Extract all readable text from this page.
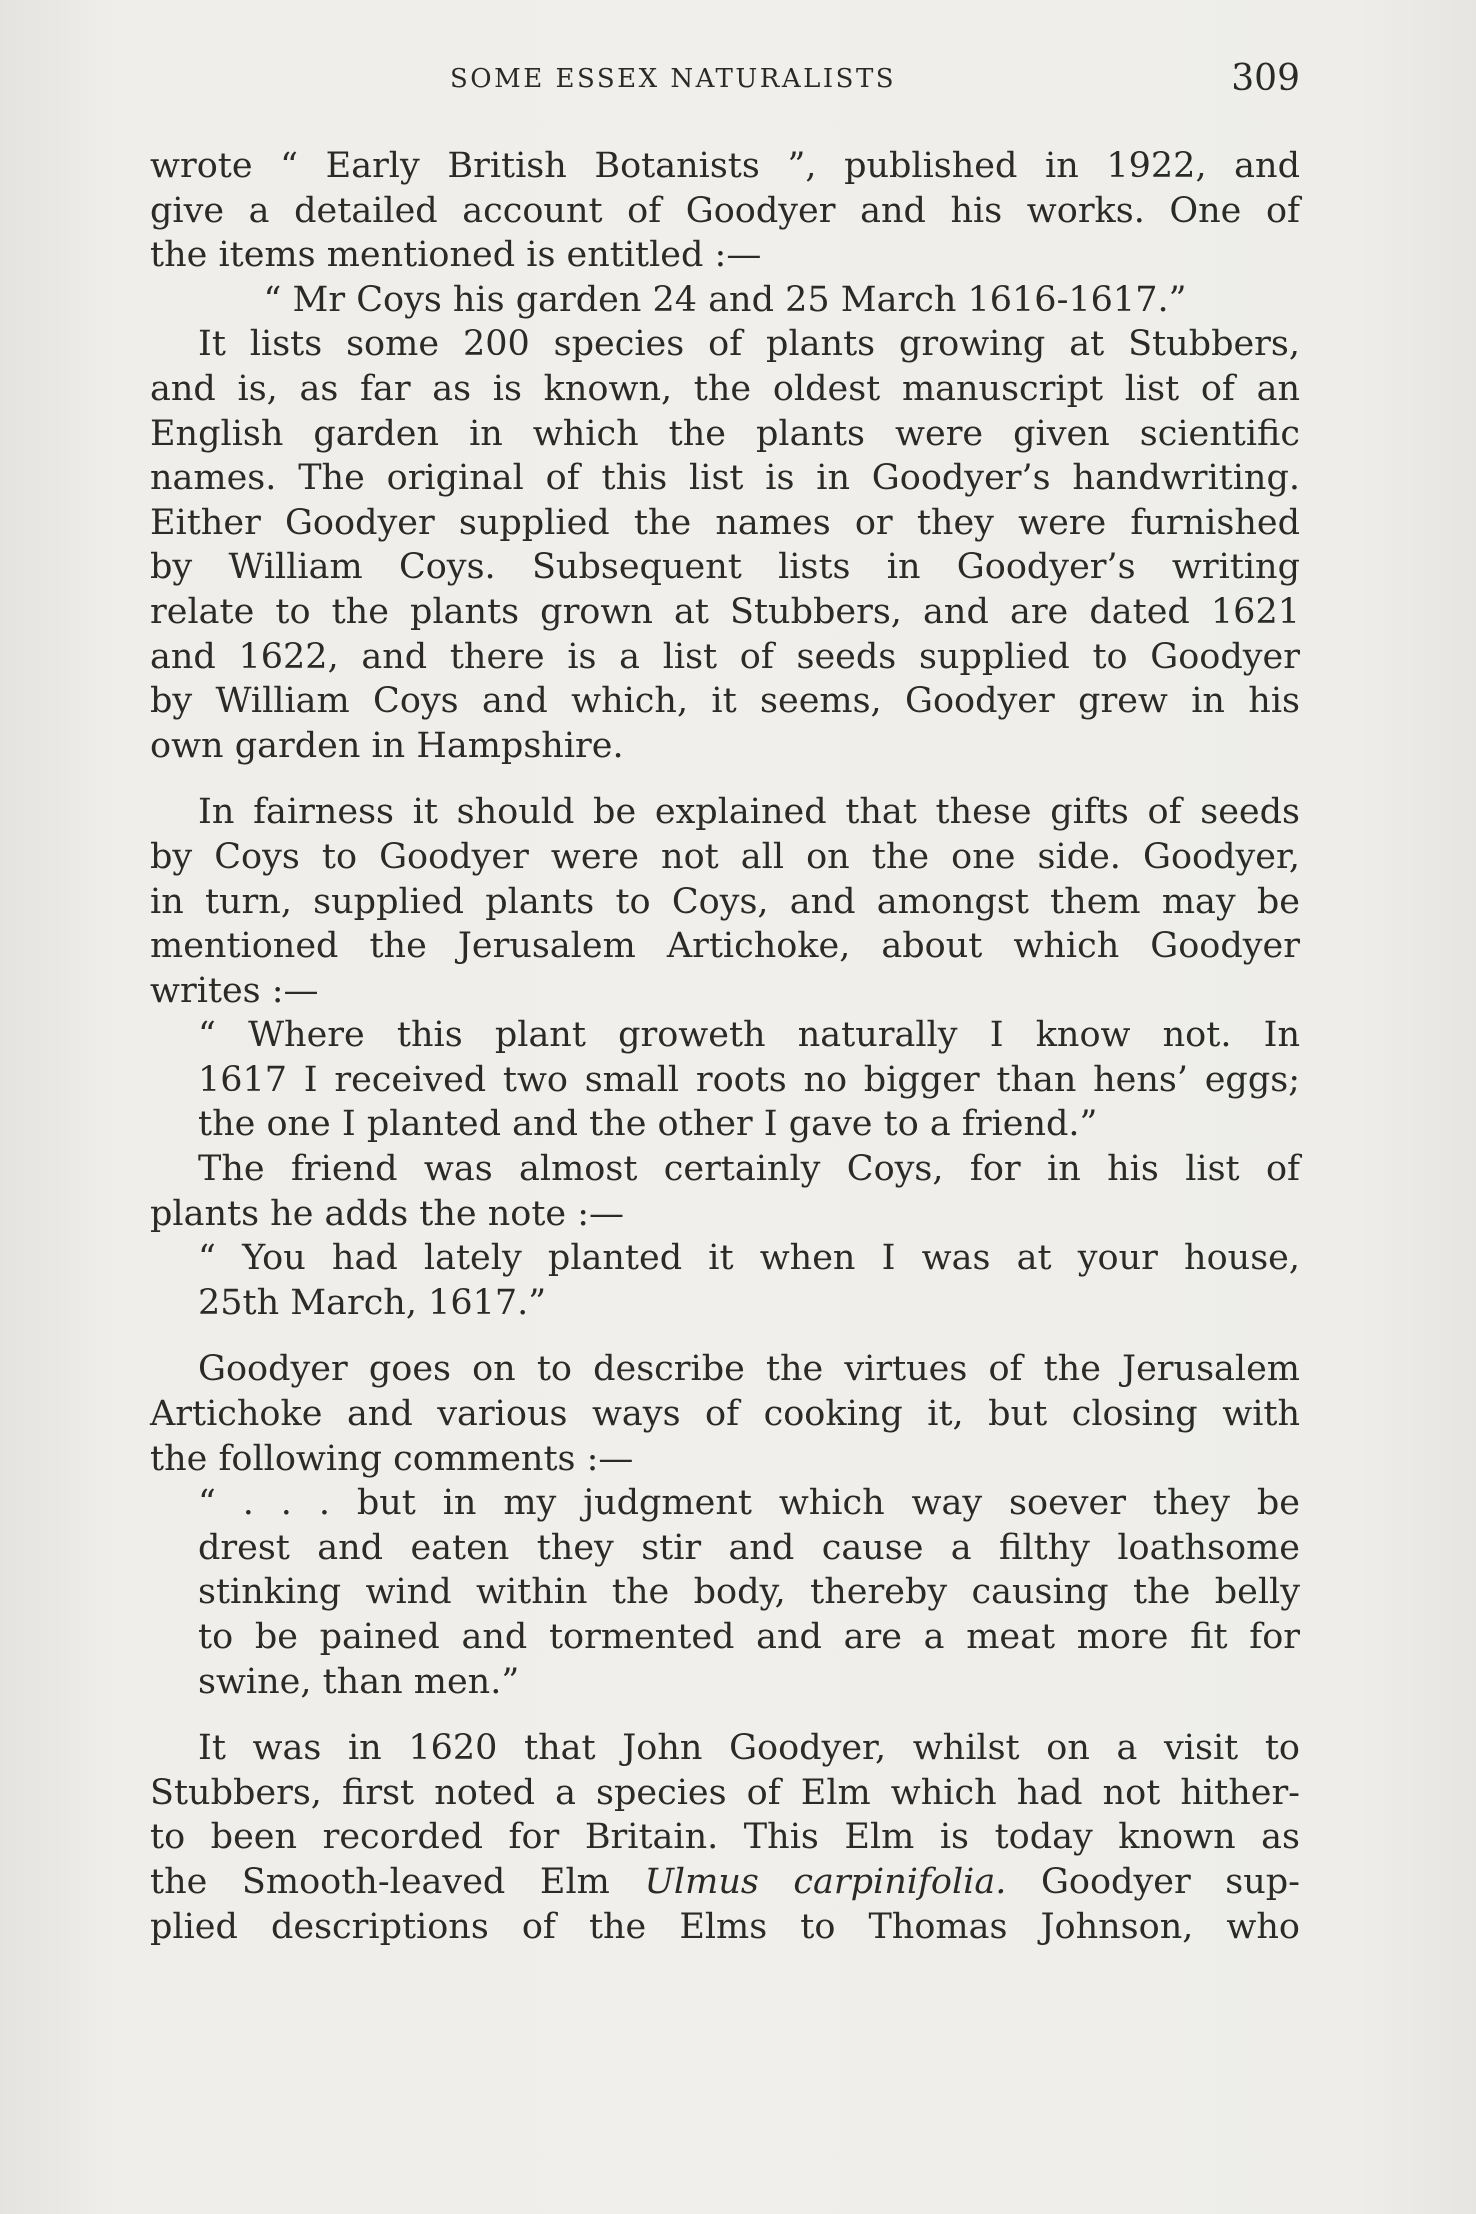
SOME ESSEX NATURALISTS	309

wrote “ Early British Botanists ”, published in 1922, and

give a detailed account of Goodyer and his works. One of

the items mentioned is entitled :—

“ Mr Coys his garden 24 and 25 March 1616-1617.”

It lists some 200 species of plants growing at Stubbers,

and is, as far as is known, the oldest manuscript list of an

English garden in which the plants were given scientific

names. The original of this list is in Goodyer’s handwriting.

Either Goodyer supplied the names or they were furnished

by William Coys. Subsequent lists in Goodyer’s writing

relate to the plants grown at Stubbers, and are dated 1621

and 1622, and there is a list of seeds supplied to Goodyer

by William Coys and which, it seems, Goodyer grew in his

own garden in Hampshire.

In fairness it should be explained that these gifts of seeds

by Coys to Goodyer were not all on the one side. Goodyer,

in turn, supplied plants to Coys, and amongst them may be

mentioned the Jerusalem Artichoke, about which Goodyer

writes :—

“ Where this plant groweth naturally I know not. In

1617 I received two small roots no bigger than hens’ eggs;

the one I planted and the other I gave to a friend.”

The friend was almost certainly Coys, for in his list of

plants he adds the note :—

“ You had lately planted it when I was at your house,

25th March, 1617.”

Goodyer goes on to describe the virtues of the Jerusalem

Artichoke and various ways of cooking it, but closing with

the following comments :—

“ . . . but in my judgment which way soever they be

drest and eaten they stir and cause a filthy loathsome

stinking wind within the body, thereby causing the belly

to be pained and tormented and are a meat more fit for

swine, than men.”

It was in 1620 that John Goodyer, whilst on a visit to

Stubbers, first noted a species of Elm which had not hither-

to been recorded for Britain. This Elm is today known as

the Smooth-leaved Elm Ulmus carpinifolia. Goodyer sup-

plied descriptions of the Elms to Thomas Johnson, who
